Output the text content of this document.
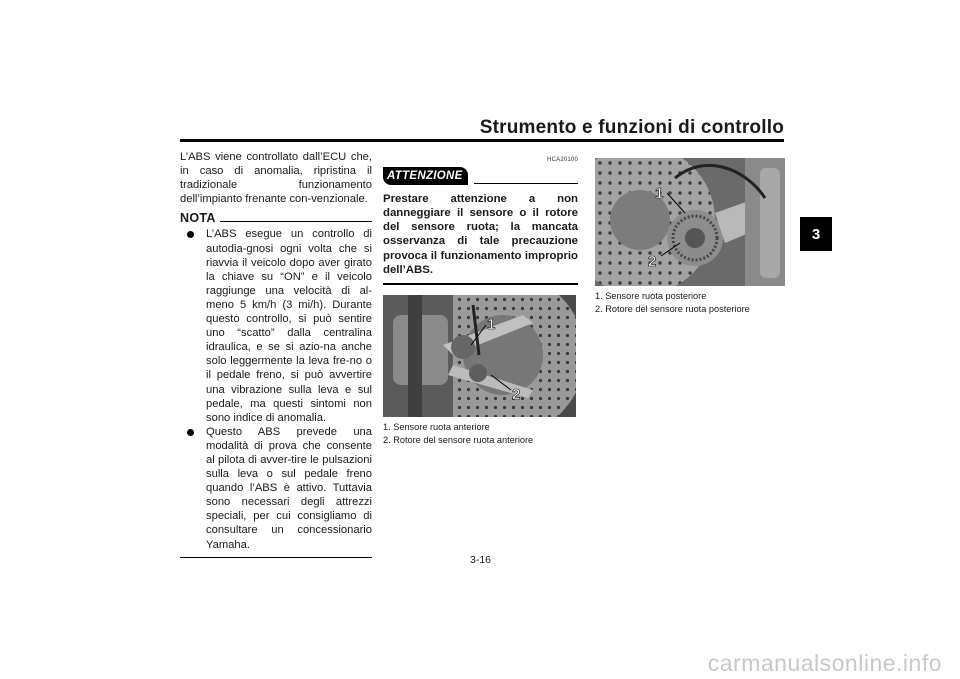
Strumento e funzioni di controllo
3

L’ABS viene controllato dall’ECU che, in caso di anomalia, ripristina il tradizionale funzionamento dell’impianto frenante con-venzionale.

NOTA
L’ABS esegue un controllo di autodia-gnosi ogni volta che si riavvia il veicolo dopo aver girato la chiave su “ON” e il veicolo raggiunge una velocità di al-meno 5 km/h (3 mi/h). Durante questo controllo, si può sentire uno “scatto” dalla centralina idraulica, e se si azio-na anche solo leggermente la leva fre-no o il pedale freno, si può avvertire una vibrazione sulla leva e sul pedale, ma questi sintomi non sono indice di anomalia.
Questo ABS prevede una modalità di prova che consente al pilota di avver-tire le pulsazioni sulla leva o sul pedale freno quando l’ABS è attivo. Tuttavia sono necessari degli attrezzi speciali, per cui consigliamo di consultare un concessionario Yamaha.
HCA20100
ATTENZIONE

Prestare attenzione a non danneggiare il sensore o il rotore del sensore ruota; la mancata osservanza di tale precauzione provoca il funzionamento improprio dell’ABS.

1
2
1. Sensore ruota anteriore
2. Rotore del sensore ruota anteriore
1
2
1. Sensore ruota posteriore
2. Rotore del sensore ruota posteriore
3-16
carmanualsonline.info
